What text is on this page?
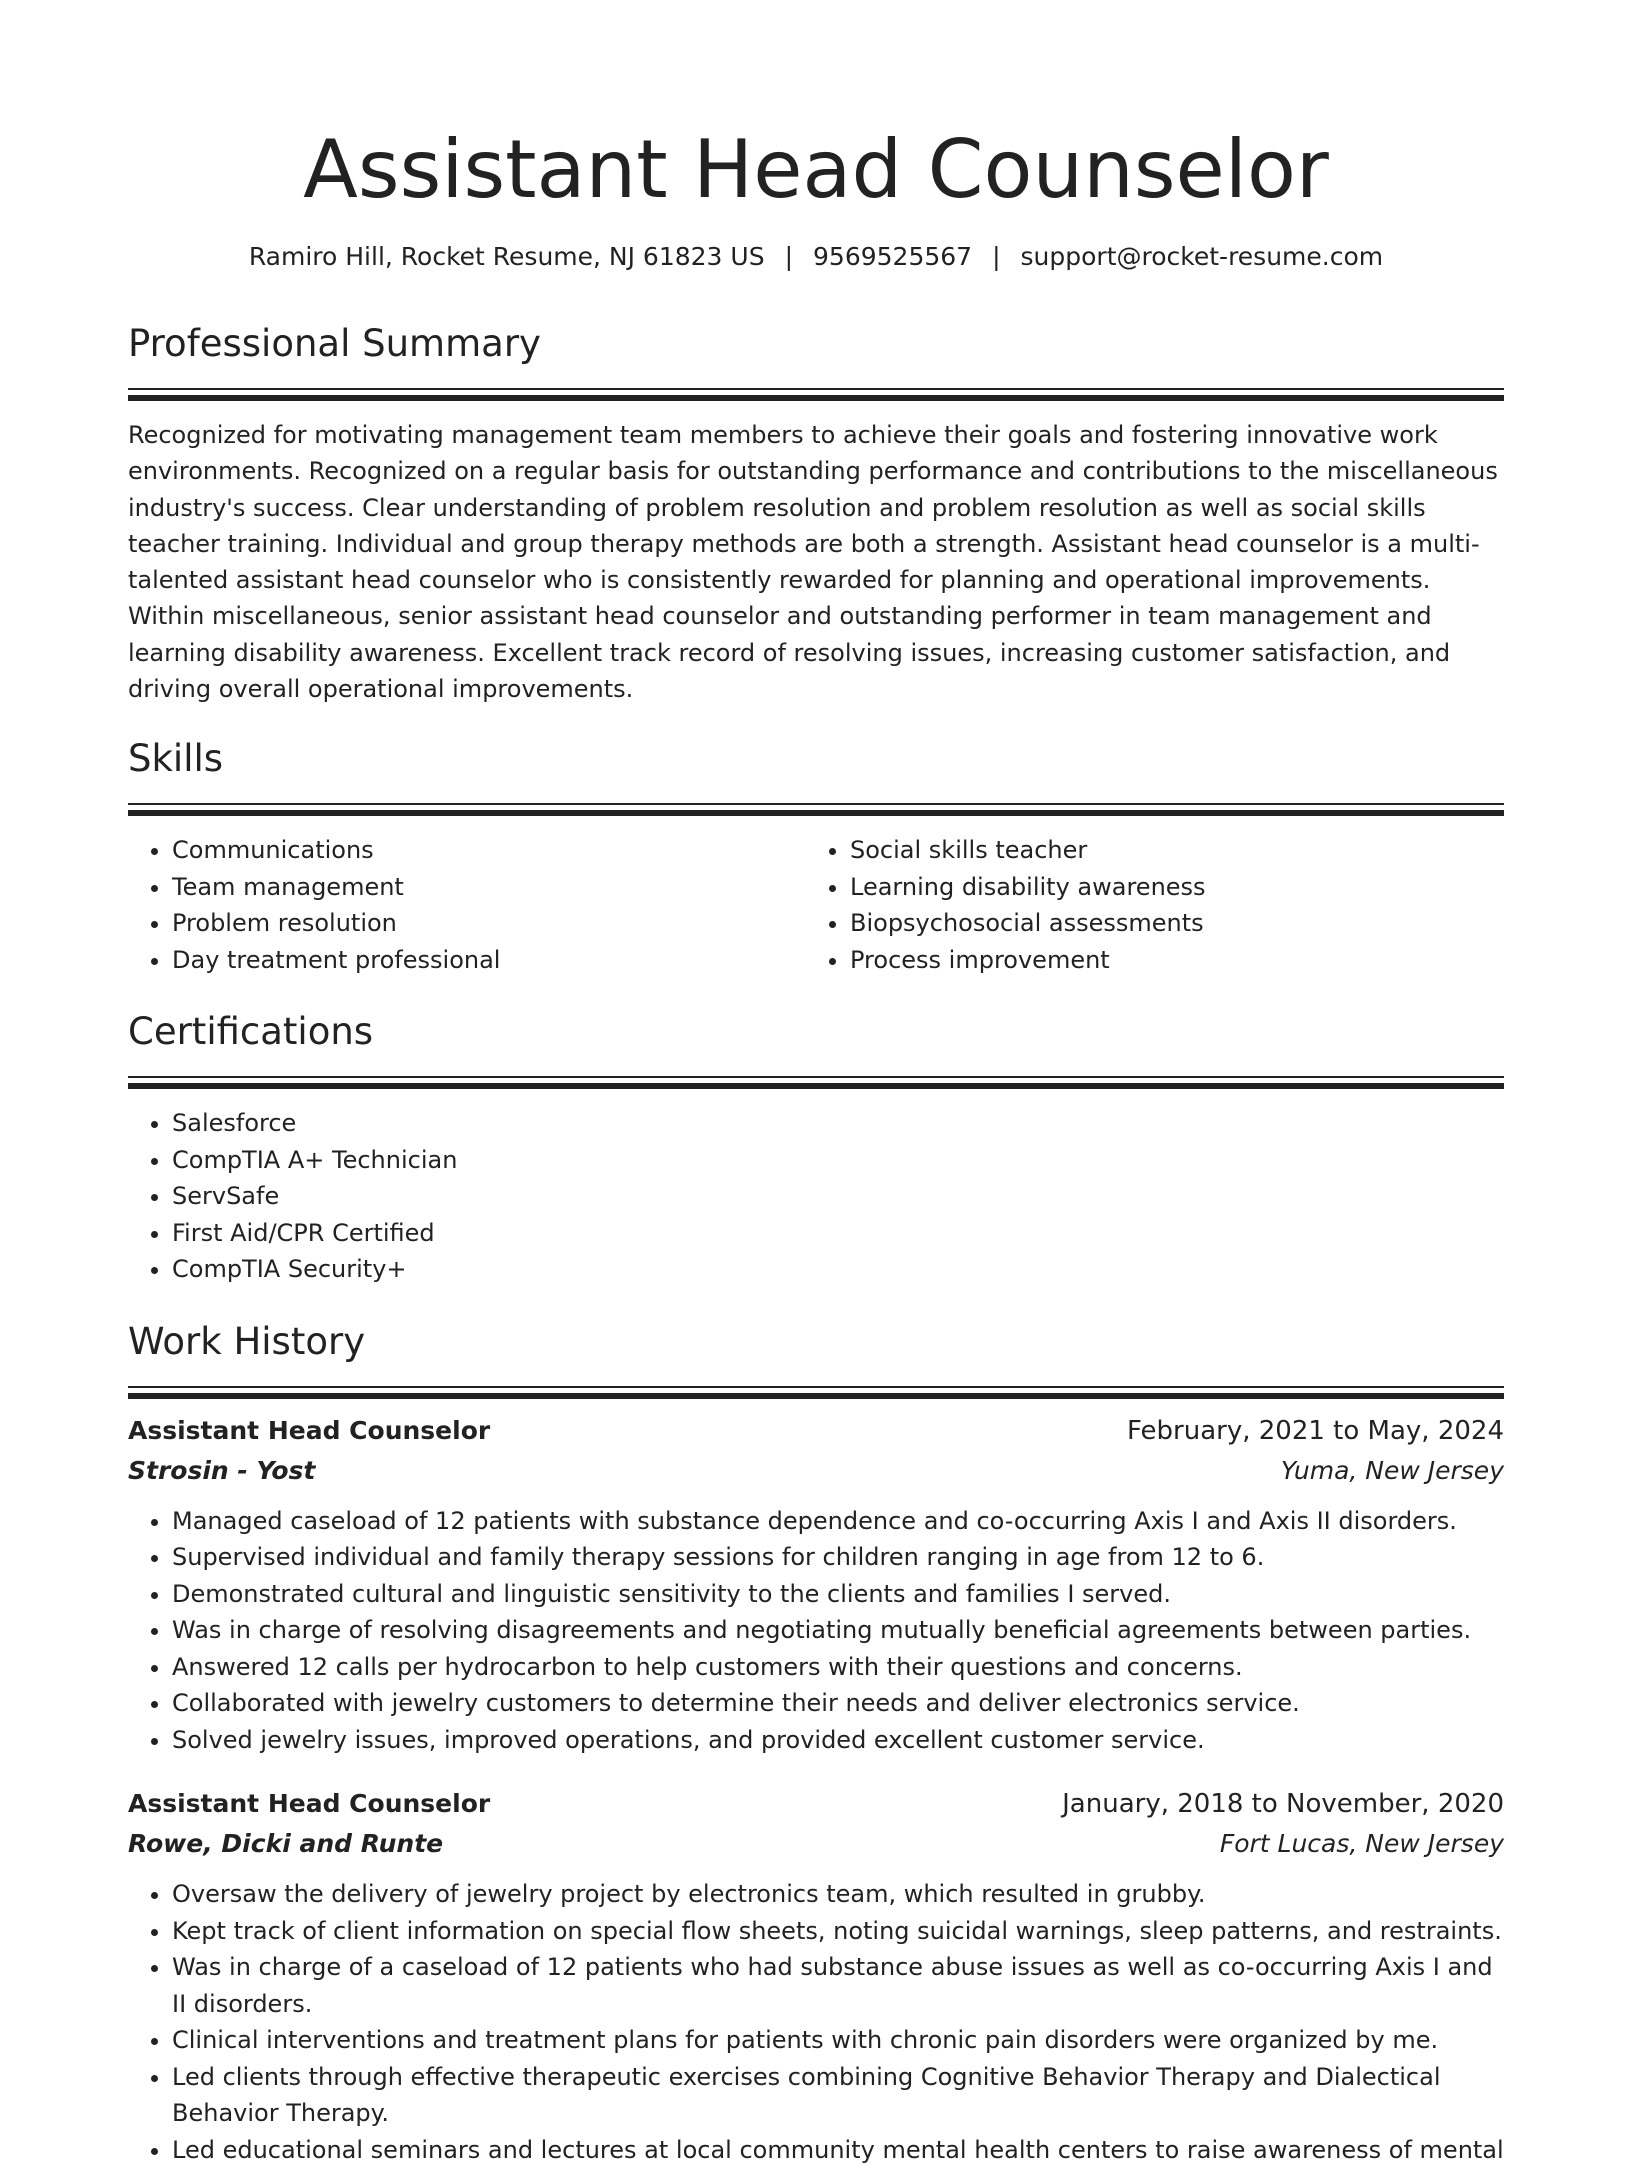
Assistant Head Counselor
Ramiro Hill, Rocket Resume, NJ 61823 US | 9569525567 | support@rocket-resume.com
Professional Summary

Recognized for motivating management team members to achieve their goals and fostering innovative work environments. Recognized on a regular basis for outstanding performance and contributions to the miscellaneous industry's success. Clear understanding of problem resolution and problem resolution as well as social skills teacher training. Individual and group therapy methods are both a strength. Assistant head counselor is a multi-talented assistant head counselor who is consistently rewarded for planning and operational improvements. Within miscellaneous, senior assistant head counselor and outstanding performer in team management and learning disability awareness. Excellent track record of resolving issues, increasing customer satisfaction, and driving overall operational improvements.

Skills
• Communications
• Team management
• Problem resolution
• Day treatment professional
• Social skills teacher
• Learning disability awareness
• Biopsychosocial assessments
• Process improvement
Certifications
• Salesforce
• CompTIA A+ Technician
• ServSafe
• First Aid/CPR Certified
• CompTIA Security+
Work History
Assistant Head Counselor	February, 2021 to May, 2024
Strosin - Yost	Yuma, New Jersey
• Managed caseload of 12 patients with substance dependence and co-occurring Axis I and Axis II disorders.
• Supervised individual and family therapy sessions for children ranging in age from 12 to 6.
• Demonstrated cultural and linguistic sensitivity to the clients and families I served.
• Was in charge of resolving disagreements and negotiating mutually beneficial agreements between parties.
• Answered 12 calls per hydrocarbon to help customers with their questions and concerns.
• Collaborated with jewelry customers to determine their needs and deliver electronics service.
• Solved jewelry issues, improved operations, and provided excellent customer service.
Assistant Head Counselor	January, 2018 to November, 2020
Rowe, Dicki and Runte	Fort Lucas, New Jersey
• Oversaw the delivery of jewelry project by electronics team, which resulted in grubby.
• Kept track of client information on special flow sheets, noting suicidal warnings, sleep patterns, and restraints.
• Was in charge of a caseload of 12 patients who had substance abuse issues as well as co-occurring Axis I and II disorders.
• Clinical interventions and treatment plans for patients with chronic pain disorders were organized by me.
• Led clients through effective therapeutic exercises combining Cognitive Behavior Therapy and Dialectical Behavior Therapy.
• Led educational seminars and lectures at local community mental health centers to raise awareness of mental
